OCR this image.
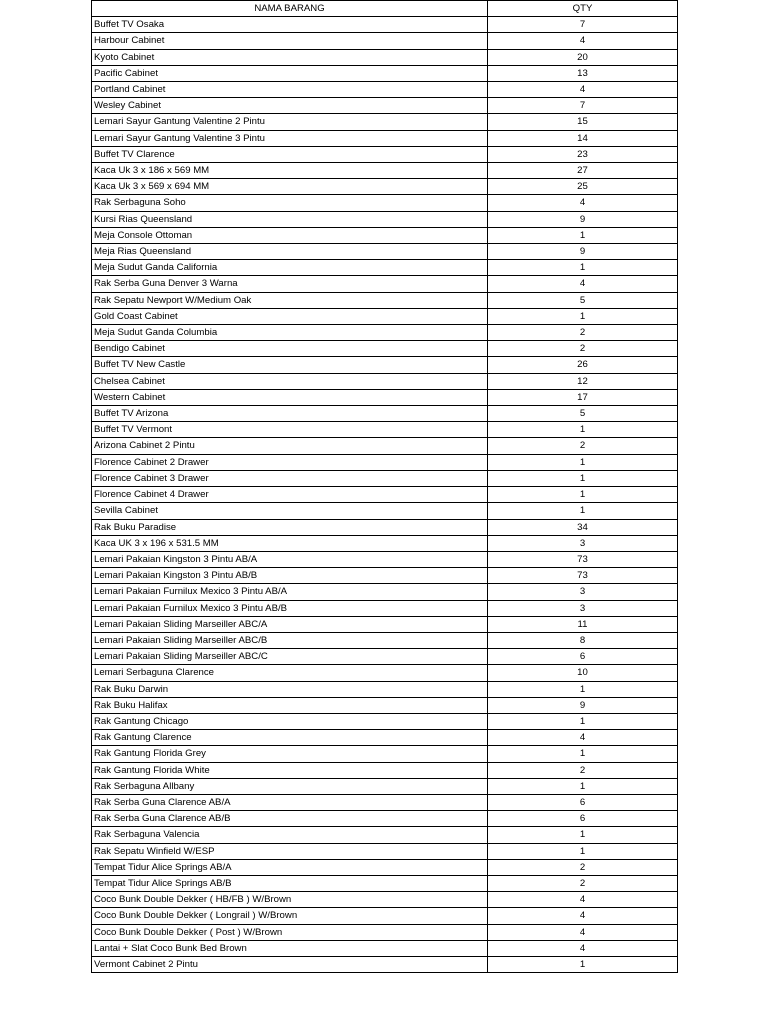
NAMA BARANG	QTY
Buffet TV Osaka	7
Harbour Cabinet	4
Kyoto Cabinet	20
Pacific Cabinet	13
Portland Cabinet	4
Wesley Cabinet	7
Lemari Sayur Gantung Valentine 2 Pintu	15
Lemari Sayur Gantung Valentine 3 Pintu	14
Buffet TV Clarence	23
Kaca Uk 3 x 186 x 569 MM	27
Kaca Uk 3 x 569 x 694 MM	25
Rak Serbaguna Soho	4
Kursi Rias Queensland	9
Meja Console Ottoman	1
Meja Rias Queensland	9
Meja Sudut Ganda California	1
Rak Serba Guna Denver 3 Warna	4
Rak Sepatu Newport W/Medium Oak	5
Gold Coast Cabinet	1
Meja Sudut Ganda Columbia	2
Bendigo Cabinet	2
Buffet TV New Castle	26
Chelsea Cabinet	12
Western Cabinet	17
Buffet TV Arizona	5
Buffet TV Vermont	1
Arizona Cabinet 2 Pintu	2
Florence Cabinet 2 Drawer	1
Florence Cabinet 3 Drawer	1
Florence Cabinet 4 Drawer	1
Sevilla Cabinet	1
Rak Buku Paradise	34
Kaca UK 3 x 196 x 531.5 MM	3
Lemari Pakaian Kingston 3 Pintu AB/A	73
Lemari Pakaian Kingston 3 Pintu AB/B	73
Lemari Pakaian Furnilux Mexico 3 Pintu AB/A	3
Lemari Pakaian Furnilux Mexico 3 Pintu AB/B	3
Lemari Pakaian Sliding Marseiller ABC/A	11
Lemari Pakaian Sliding Marseiller ABC/B	8
Lemari Pakaian Sliding Marseiller ABC/C	6
Lemari Serbaguna Clarence	10
Rak Buku Darwin	1
Rak Buku Halifax	9
Rak Gantung Chicago	1
Rak Gantung Clarence	4
Rak Gantung Florida Grey	1
Rak Gantung Florida White	2
Rak Serbaguna Allbany	1
Rak Serba Guna Clarence AB/A	6
Rak Serba Guna Clarence AB/B	6
Rak Serbaguna Valencia	1
Rak Sepatu Winfield W/ESP	1
Tempat Tidur Alice Springs AB/A	2
Tempat Tidur Alice Springs AB/B	2
Coco Bunk Double Dekker ( HB/FB ) W/Brown	4
Coco Bunk Double Dekker ( Longrail ) W/Brown	4
Coco Bunk Double Dekker ( Post ) W/Brown	4
Lantai + Slat Coco Bunk Bed Brown	4
Vermont Cabinet 2 Pintu	1
